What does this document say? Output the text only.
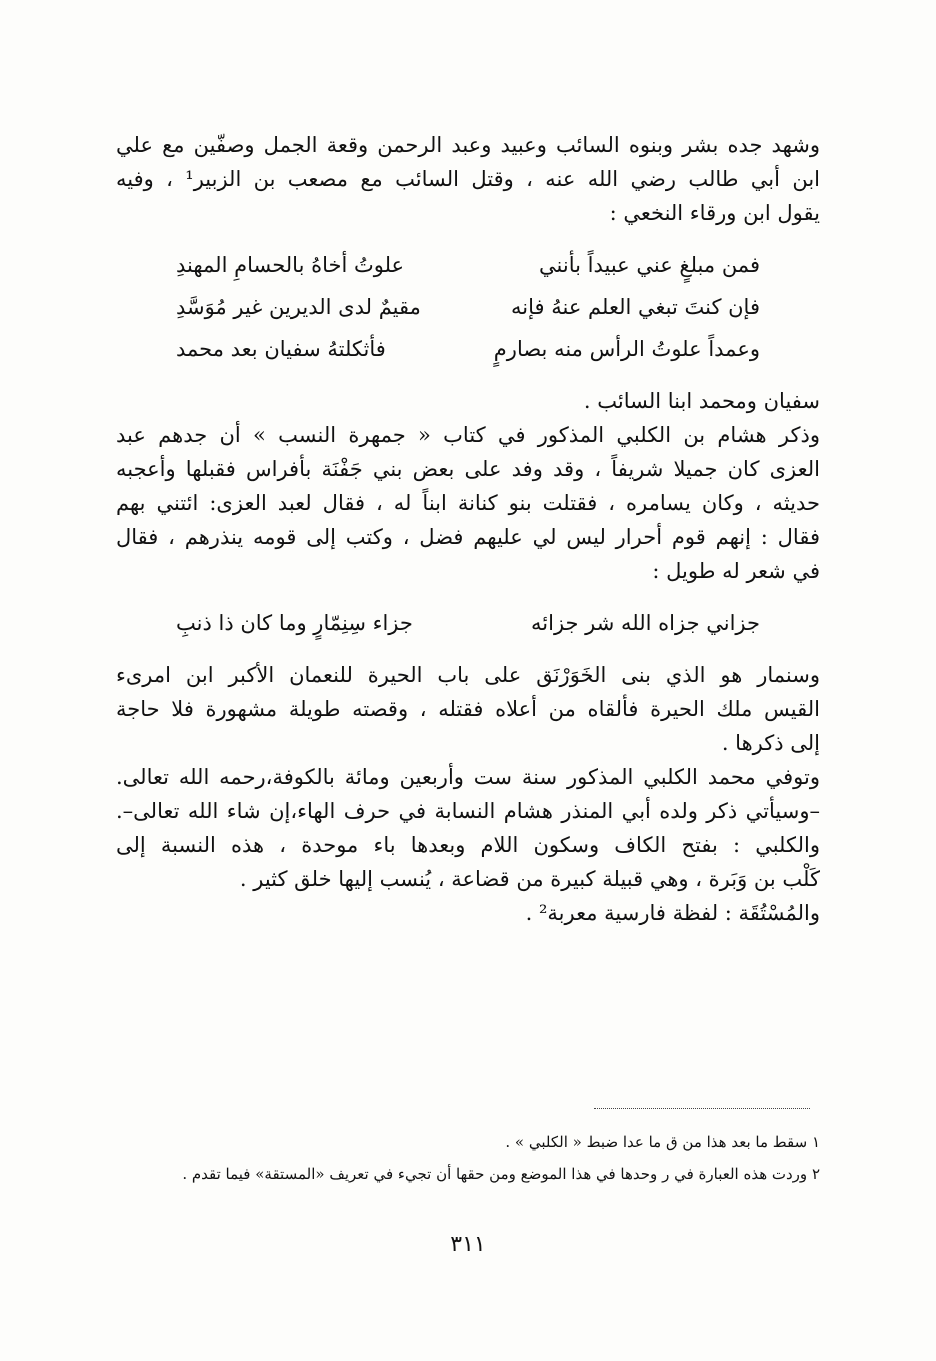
وشهد جده بشر وبنوه السائب وعبيد وعبد الرحمن وقعة الجمل وصفّين مع علي
ابن أبي طالب رضي الله عنه ، وقتل السائب مع مصعب بن الزبير¹ ، وفيه
يقول ابن ورقاء النخعي :
فمن مبلغٍ عني عبيداً بأنني
علوتُ أخاهُ بالحسامِ المهندِ
فإن كنتَ تبغي العلم عنهُ فإنه
مقيمٌ لدى الديرين غير مُوَسَّدِ
وعمداً علوتُ الرأس منه بصارمٍ
فأثكلتهُ سفيان بعد محمد
سفيان ومحمد ابنا السائب .
وذكر هشام بن الكلبي المذكور في كتاب « جمهرة النسب » أن جدهم عبد
العزى كان جميلا شريفاً ، وقد وفد على بعض بني جَفْنَة بأفراس فقبلها وأعجبه
حديثه ، وكان يسامره ، فقتلت بنو كنانة ابناً له ، فقال لعبد العزى: ائتني بهم
فقال : إنهم قوم أحرار ليس لي عليهم فضل ، وكتب إلى قومه ينذرهم ، فقال
في شعر له طويل :
جزاني جزاه الله شر جزائه
جزاء سِنِمّارٍ وما كان ذا ذنبِ
وسنمار هو الذي بنى الخَوَرْنَق على باب الحيرة للنعمان الأكبر ابن امرىء
القيس ملك الحيرة فألقاه من أعلاه فقتله ، وقصته طويلة مشهورة فلا حاجة
إلى ذكرها .
وتوفي محمد الكلبي المذكور سنة ست وأربعين ومائة بالكوفة،رحمه الله تعالى.
–وسيأتي ذكر ولده أبي المنذر هشام النسابة في حرف الهاء،إن شاء الله تعالى–.
والكلبي : بفتح الكاف وسكون اللام وبعدها باء موحدة ، هذه النسبة إلى
كَلْب بن وَبَرة ، وهي قبيلة كبيرة من قضاعة ، يُنسب إليها خلق كثير .
والمُسْتُقَة : لفظة فارسية معربة² .
١ سقط ما بعد هذا من ق ما عدا ضبط « الكلبي » .
٢ وردت هذه العبارة في ر وحدها في هذا الموضع ومن حقها أن تجيء في تعريف «المستقة» فيما تقدم .
٣١١
